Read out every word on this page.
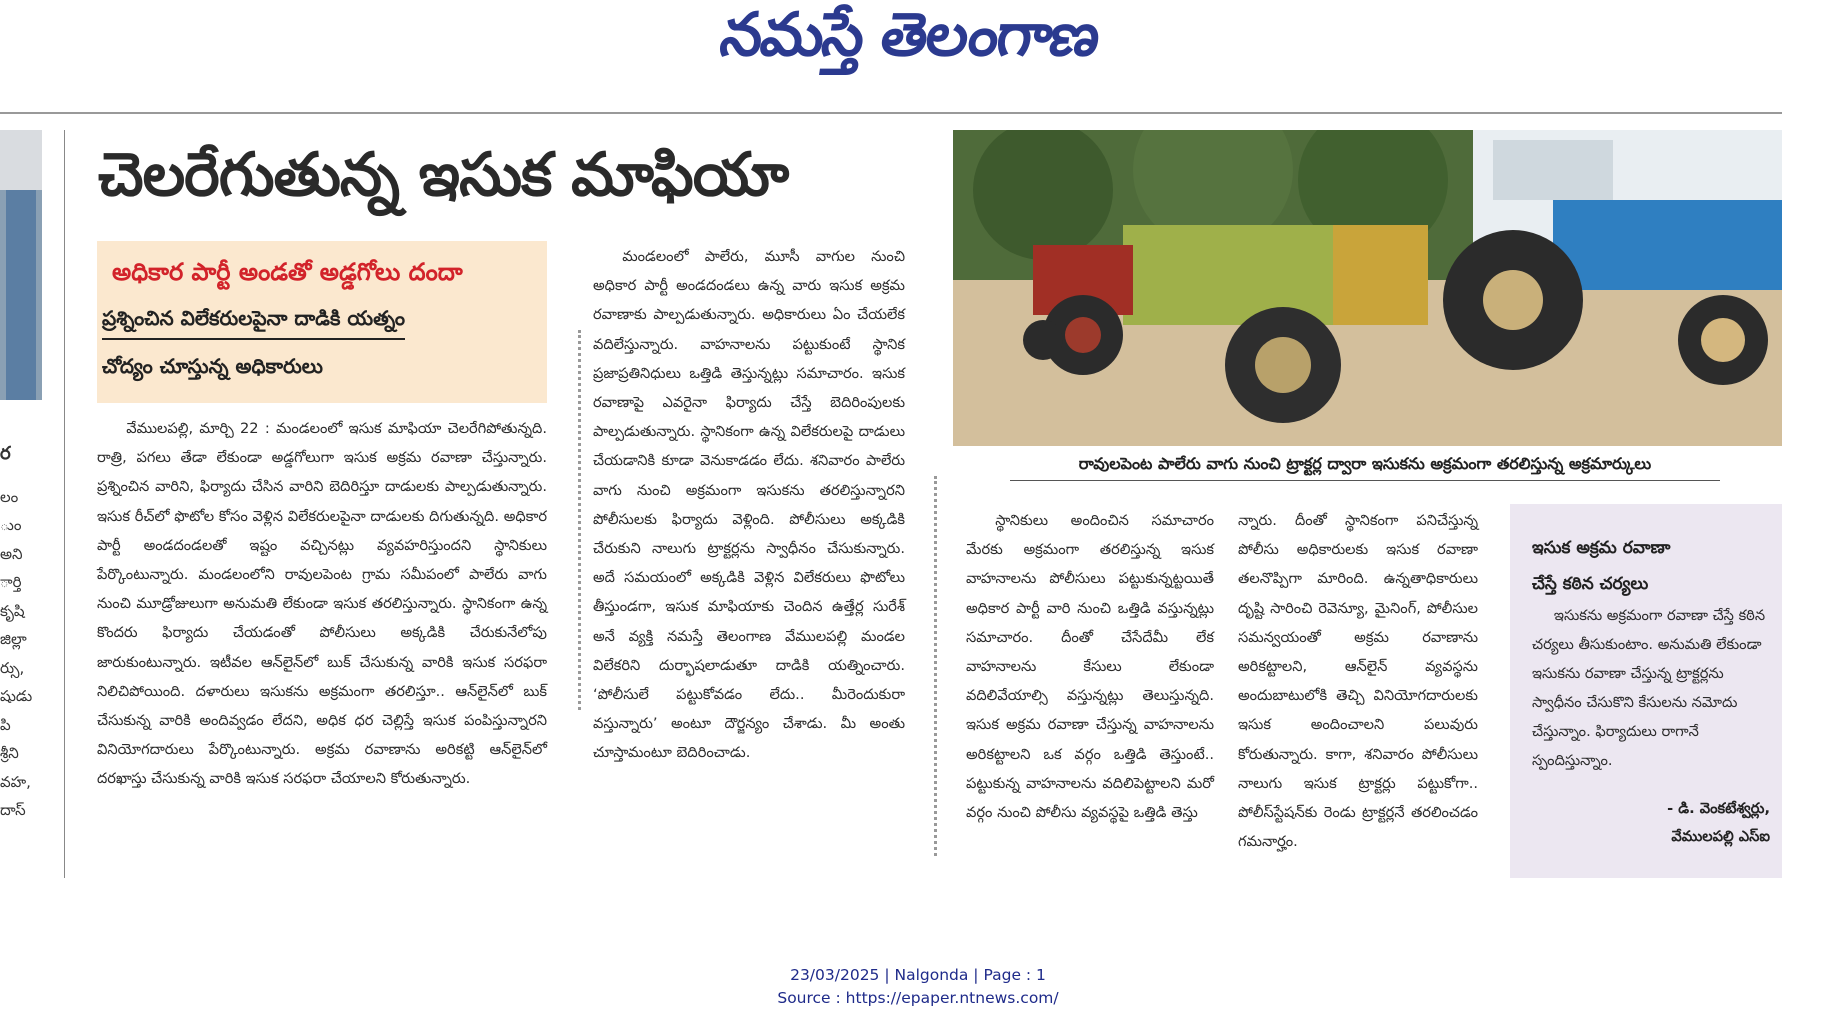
నమస్తే తెలంగాణ
ర
లం
ుం
అని
ార్తి
కృషి
జిల్లా
ర్సు,
షుడు
పి
శ్రీని
వహ,
దాస్
చెలరేగుతున్న ఇసుక మాఫియా
అధికార పార్టీ అండతో అడ్డగోలు దందా
ప్రశ్నించిన విలేకరులపైనా దాడికి యత్నం
చోద్యం చూస్తున్న అధికారులు
వేములపల్లి, మార్చి 22 : మండలంలో ఇసుక మాఫియా చెలరేగిపోతున్నది. రాత్రి, పగలు తేడా లేకుండా అడ్డగోలుగా ఇసుక అక్రమ రవాణా చేస్తున్నారు. ప్రశ్నించిన వారిని, ఫిర్యాదు చేసిన వారిని బెదిరిస్తూ దాడులకు పాల్పడుతున్నారు. ఇసుక రీచ్‌లో ఫొటోల కోసం వెళ్లిన విలేకరులపైనా దాడులకు దిగుతున్నది. అధికార పార్టీ అండదండలతో ఇష్టం వచ్చినట్లు వ్యవహరిస్తుందని స్థానికులు పేర్కొంటున్నారు. మండలంలోని రావులపెంట గ్రామ సమీపంలో పాలేరు వాగు నుంచి మూడ్రోజులుగా అనుమతి లేకుండా ఇసుక తరలిస్తున్నారు. స్థానికంగా ఉన్న కొందరు ఫిర్యాదు చేయడంతో పోలీసులు అక్కడికి చేరుకునేలోపు జారుకుంటున్నారు. ఇటీవల ఆన్‌లైన్‌లో బుక్ చేసుకున్న వారికి ఇసుక సరఫరా నిలిచిపోయింది. దళారులు ఇసుకను అక్రమంగా తరలిస్తూ.. ఆన్‌లైన్‌లో బుక్ చేసుకున్న వారికి అందివ్వడం లేదని, అధిక ధర చెల్లిస్తే ఇసుక పంపిస్తున్నారని వినియోగదారులు పేర్కొంటున్నారు. అక్రమ రవాణాను అరికట్టి ఆన్‌లైన్‌లో దరఖాస్తు చేసుకున్న వారికి ఇసుక సరఫరా చేయాలని కోరుతున్నారు.
మండలంలో పాలేరు, మూసీ వాగుల నుంచి అధికార పార్టీ అండదండలు ఉన్న వారు ఇసుక అక్రమ రవాణాకు పాల్పడుతున్నారు. అధికారులు ఏం చేయలేక వదిలేస్తున్నారు. వాహనాలను పట్టుకుంటే స్థానిక ప్రజాప్రతినిధులు ఒత్తిడి తెస్తున్నట్లు సమాచారం. ఇసుక రవాణాపై ఎవరైనా ఫిర్యాదు చేస్తే బెదిరింపులకు పాల్పడుతున్నారు. స్థానికంగా ఉన్న విలేకరులపై దాడులు చేయడానికి కూడా వెనుకాడడం లేదు. శనివారం పాలేరు వాగు నుంచి అక్రమంగా ఇసుకను తరలిస్తున్నారని పోలీసులకు ఫిర్యాదు వెళ్లింది. పోలీసులు అక్కడికి చేరుకుని నాలుగు ట్రాక్టర్లను స్వాధీనం చేసుకున్నారు. అదే సమయంలో అక్కడికి వెళ్లిన విలేకరులు ఫొటోలు తీస్తుండగా, ఇసుక మాఫియాకు చెందిన ఉత్తేర్ల సురేశ్ అనే వ్యక్తి నమస్తే తెలంగాణ వేములపల్లి మండల విలేకరిని దుర్భాషలాడుతూ దాడికి యత్నించారు. ‘పోలీసులే పట్టుకోవడం లేదు.. మీరెందుకురా వస్తున్నారు’ అంటూ దౌర్జన్యం చేశాడు. మీ అంతు చూస్తామంటూ బెదిరించాడు.
రావులపెంట పాలేరు వాగు నుంచి ట్రాక్టర్ల ద్వారా ఇసుకను అక్రమంగా తరలిస్తున్న అక్రమార్కులు
స్థానికులు అందించిన సమాచారం మేరకు అక్రమంగా తరలిస్తున్న ఇసుక వాహనాలను పోలీసులు పట్టుకున్నట్టయితే అధికార పార్టీ వారి నుంచి ఒత్తిడి వస్తున్నట్లు సమాచారం. దీంతో చేసేదేమీ లేక వాహనాలను కేసులు లేకుండా వదిలివేయాల్సి వస్తున్నట్లు తెలుస్తున్నది. ఇసుక అక్రమ రవాణా చేస్తున్న వాహనాలను అరికట్టాలని ఒక వర్గం ఒత్తిడి తెస్తుంటే.. పట్టుకున్న వాహనాలను వదిలిపెట్టాలని మరో వర్గం నుంచి పోలీసు వ్యవస్థపై ఒత్తిడి తెస్తు
న్నారు. దీంతో స్థానికంగా పనిచేస్తున్న పోలీసు అధికారులకు ఇసుక రవాణా తలనొప్పిగా మారింది. ఉన్నతాధికారులు దృష్టి సారించి రెవెన్యూ, మైనింగ్, పోలీసుల సమన్వయంతో అక్రమ రవాణాను అరికట్టాలని, ఆన్‌లైన్ వ్యవస్థను అందుబాటులోకి తెచ్చి వినియోగదారులకు ఇసుక అందించాలని పలువురు కోరుతున్నారు. కాగా, శనివారం పోలీసులు నాలుగు ఇసుక ట్రాక్టర్లు పట్టుకోగా.. పోలీస్‌స్టేషన్‌కు రెండు ట్రాక్టర్లనే తరలించడం గమనార్హం.
ఇసుక అక్రమ రవాణా
చేస్తే కఠిన చర్యలు
ఇసుకను అక్రమంగా రవాణా చేస్తే కఠిన చర్యలు తీసుకుంటాం. అనుమతి లేకుండా ఇసుకను రవాణా చేస్తున్న ట్రాక్టర్లను స్వాధీనం చేసుకొని కేసులను నమోదు చేస్తున్నాం. ఫిర్యాదులు రాగానే స్పందిస్తున్నాం.
- డి. వెంకటేశ్వర్లు,
వేములపల్లి ఎస్ఐ
23/03/2025 | Nalgonda | Page : 1
Source : https://epaper.ntnews.com/
